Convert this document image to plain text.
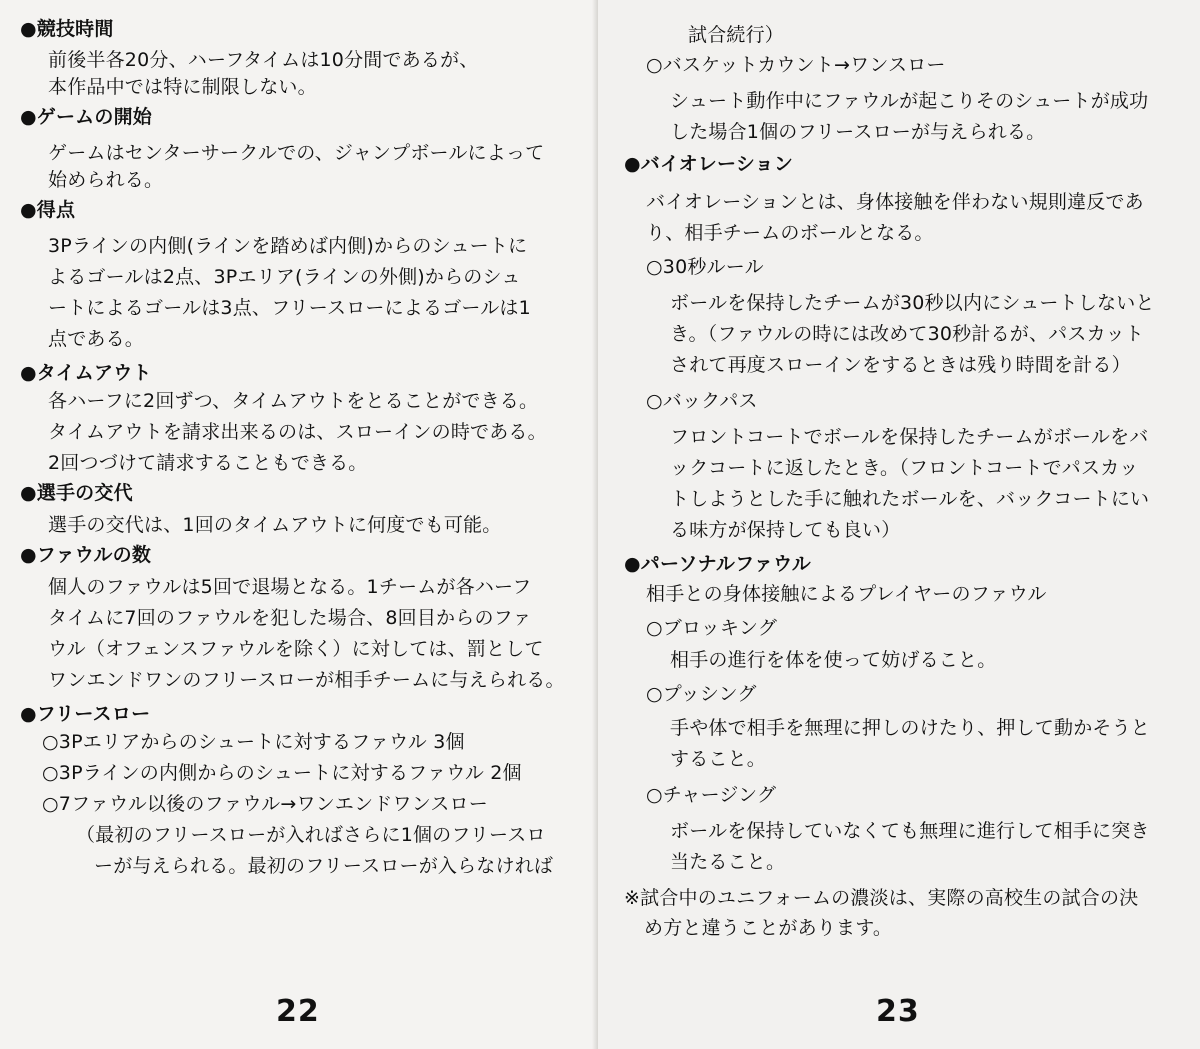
●競技時間
前後半各20分、ハーフタイムは10分間であるが、
本作品中では特に制限しない。
●ゲームの開始
ゲームはセンターサークルでの、ジャンプボールによって
始められる。
●得点
3Pラインの内側(ラインを踏めば内側)からのシュートに
よるゴールは2点、3Pエリア(ラインの外側)からのシュ
ートによるゴールは3点、フリースローによるゴールは1
点である。
●タイムアウト
各ハーフに2回ずつ、タイムアウトをとることができる。
タイムアウトを請求出来るのは、スローインの時である。
2回つづけて請求することもできる。
●選手の交代
選手の交代は、1回のタイムアウトに何度でも可能。
●ファウルの数
個人のファウルは5回で退場となる。1チームが各ハーフ
タイムに7回のファウルを犯した場合、8回目からのファ
ウル（オフェンスファウルを除く）に対しては、罰として
ワンエンドワンのフリースローが相手チームに与えられる。
●フリースロー
○3Pエリアからのシュートに対するファウル 3個
○3Pラインの内側からのシュートに対するファウル 2個
○7ファウル以後のファウル→ワンエンドワンスロー
（最初のフリースローが入ればさらに1個のフリースロ
ーが与えられる。最初のフリースローが入らなければ
22
試合続行）
○バスケットカウント→ワンスロー
シュート動作中にファウルが起こりそのシュートが成功
した場合1個のフリースローが与えられる。
●バイオレーション
バイオレーションとは、身体接触を伴わない規則違反であ
り、相手チームのボールとなる。
○30秒ルール
ボールを保持したチームが30秒以内にシュートしないと
き。（ファウルの時には改めて30秒計るが、パスカット
されて再度スローインをするときは残り時間を計る）
○バックパス
フロントコートでボールを保持したチームがボールをバ
ックコートに返したとき。（フロントコートでパスカッ
トしようとした手に触れたボールを、バックコートにい
る味方が保持しても良い）
●パーソナルファウル
相手との身体接触によるプレイヤーのファウル
○ブロッキング
相手の進行を体を使って妨げること。
○プッシング
手や体で相手を無理に押しのけたり、押して動かそうと
すること。
○チャージング
ボールを保持していなくても無理に進行して相手に突き
当たること。
※試合中のユニフォームの濃淡は、実際の高校生の試合の決
め方と違うことがあります。
23
